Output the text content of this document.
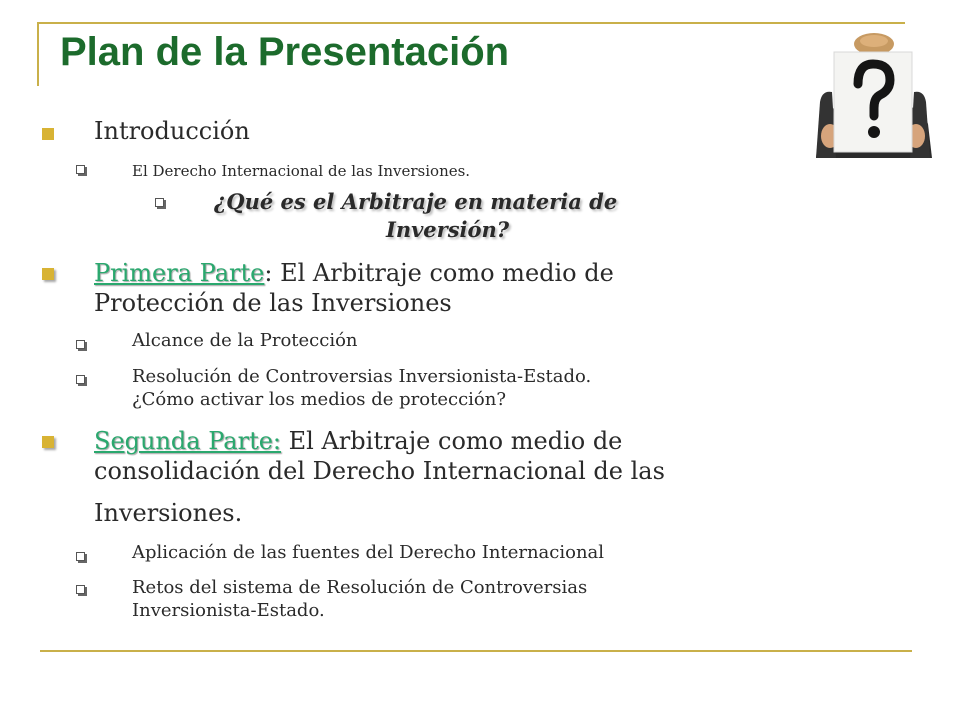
Plan de la Presentación
Introducción
El Derecho Internacional de las Inversiones.
¿Qué es el Arbitraje en materia de
Inversión?
Primera Parte: El Arbitraje como medio de
Protección de las Inversiones
Alcance de la Protección
Resolución de Controversias Inversionista-Estado.
¿Cómo activar los medios de protección?
Segunda Parte: El Arbitraje como medio de
consolidación del Derecho Internacional de las
Inversiones.
Aplicación de las fuentes del Derecho Internacional
Retos del sistema de Resolución de Controversias
Inversionista-Estado.
